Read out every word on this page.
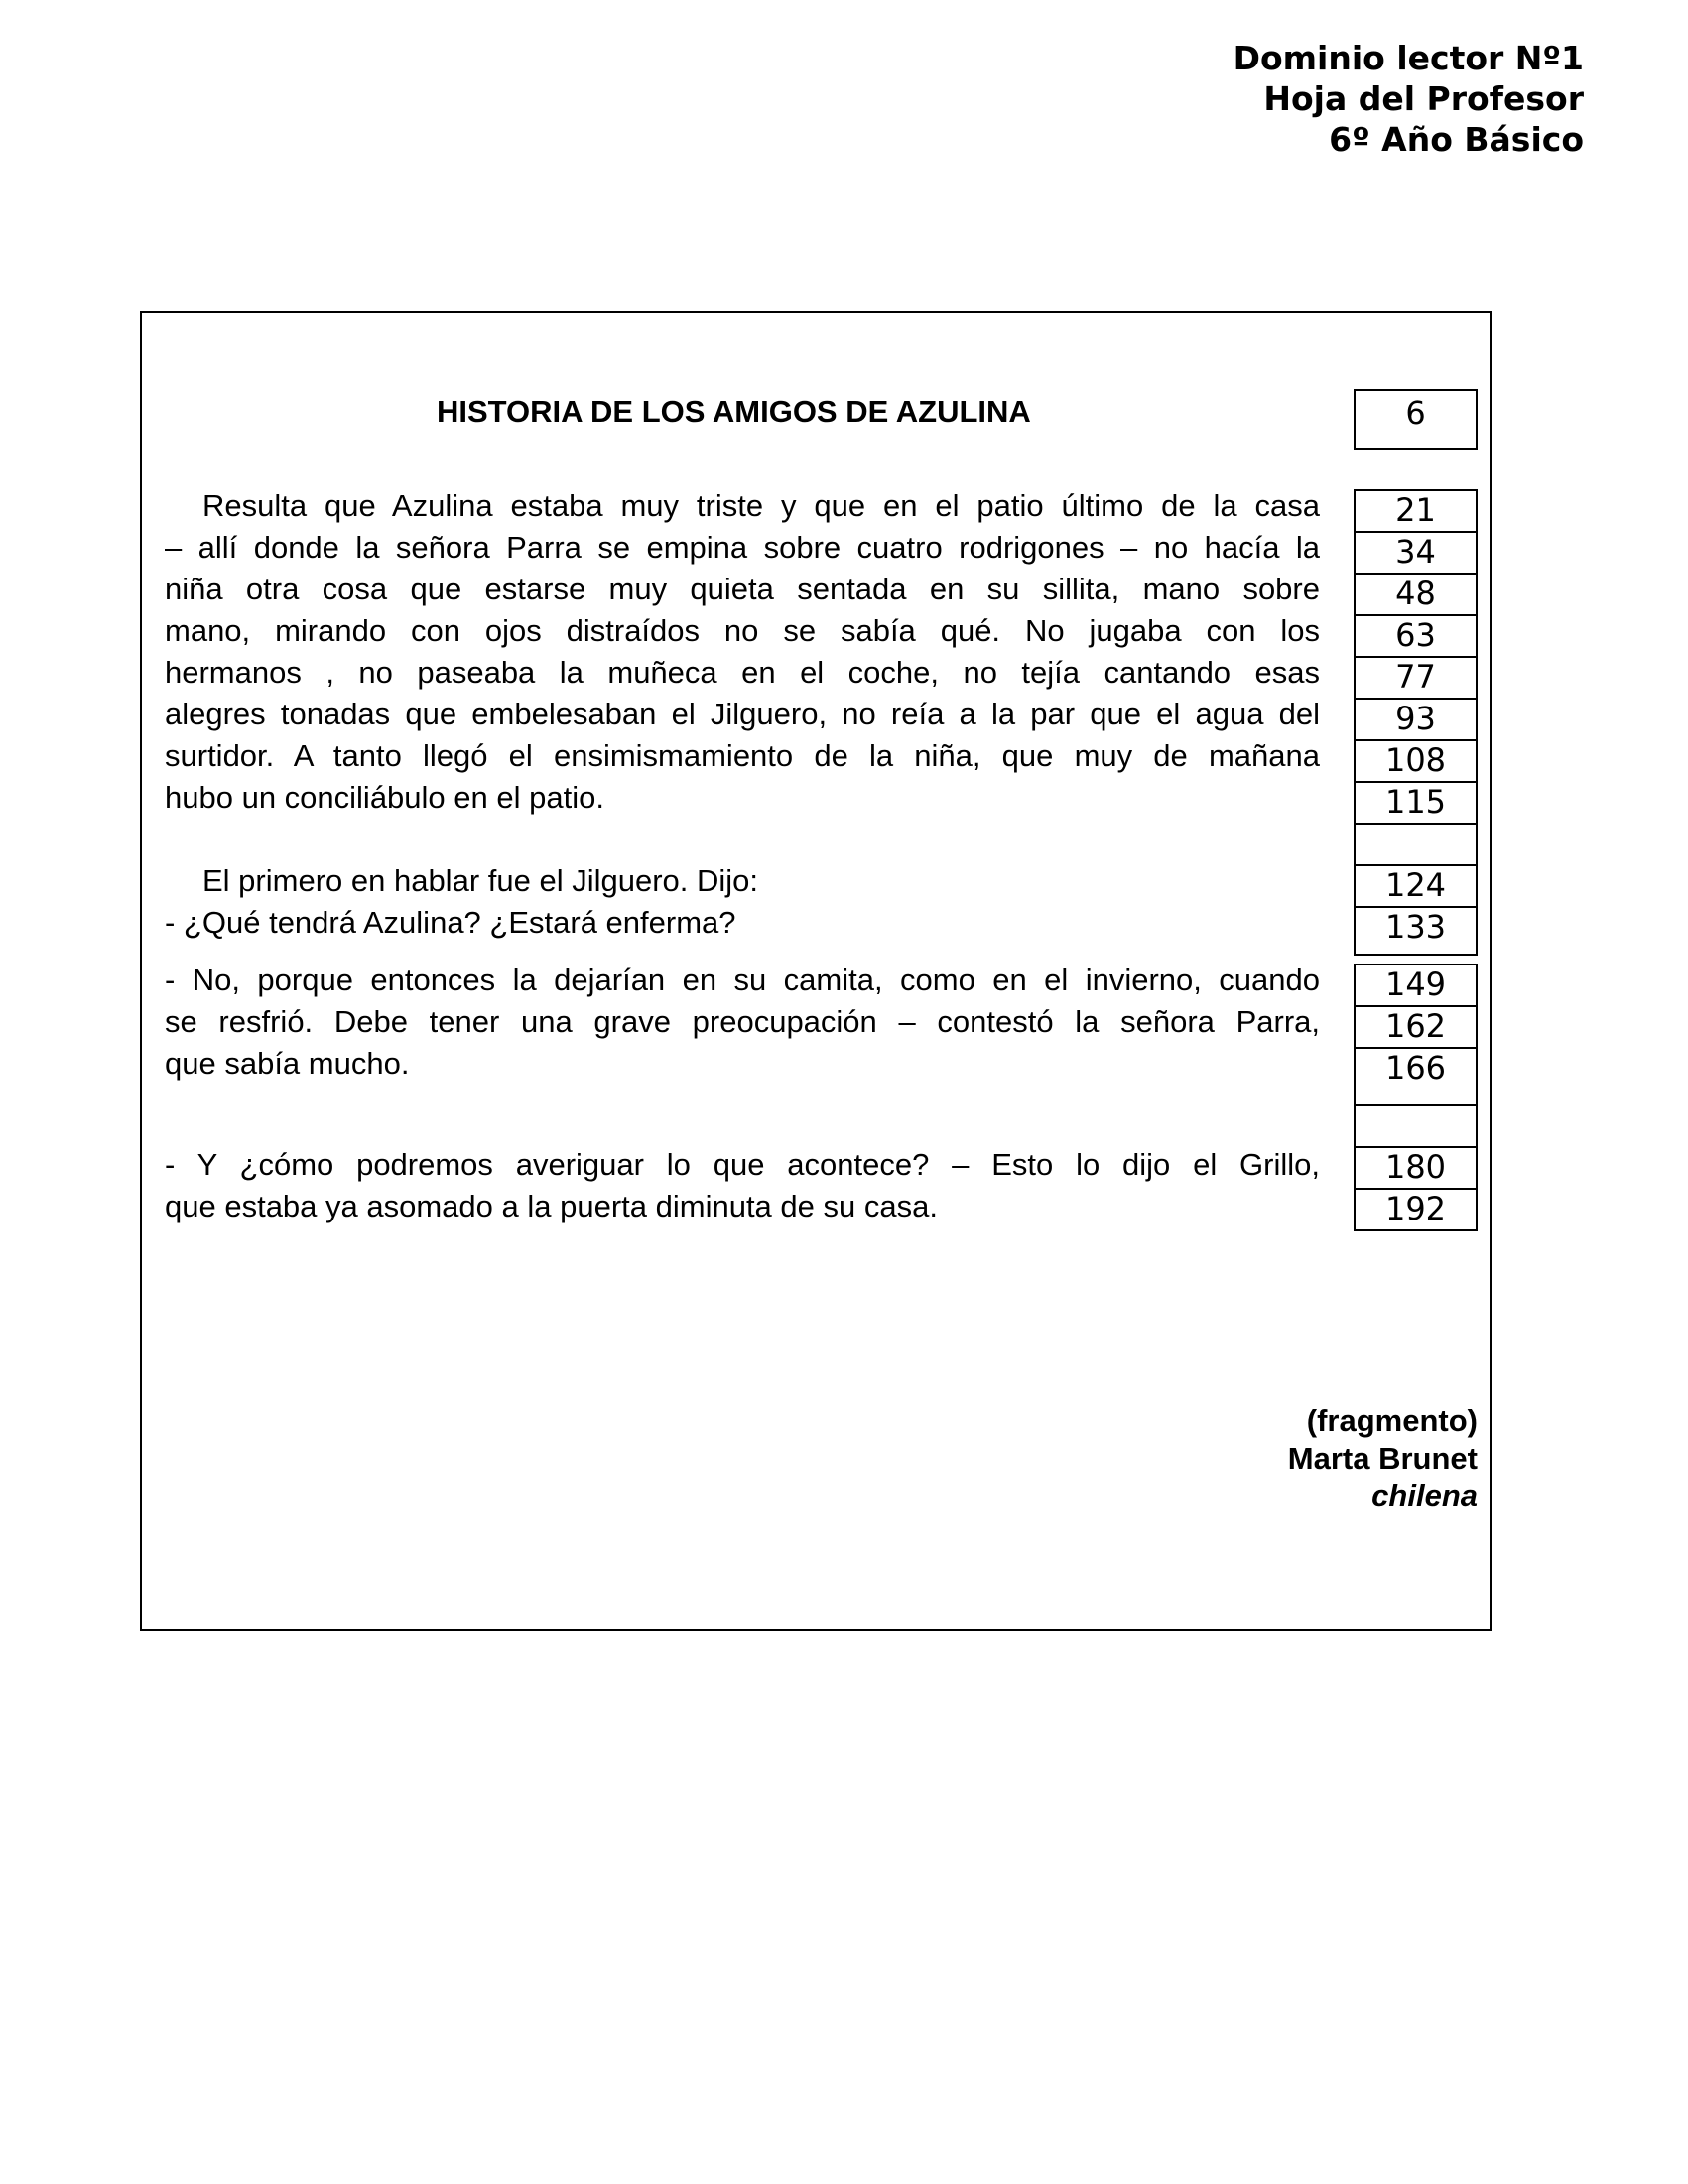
Dominio lector Nº1
Hoja del Profesor
6º Año Básico
HISTORIA DE LOS AMIGOS DE AZULINA	6
Resulta que Azulina estaba muy triste y que en el patio último de la casa
– allí donde la señora Parra se empina sobre cuatro rodrigones – no hacía la
niña otra cosa que estarse muy quieta sentada en su sillita, mano sobre
mano, mirando con ojos distraídos no se sabía qué. No jugaba con los
hermanos , no paseaba la muñeca en el coche, no tejía cantando esas
alegres tonadas que embelesaban el Jilguero, no reía a la par que el agua del
surtidor. A tanto llegó el ensimismamiento de la niña, que muy de mañana
hubo un conciliábulo en el patio.
El primero en hablar fue el Jilguero. Dijo:
- ¿Qué tendrá Azulina? ¿Estará enferma?
- No, porque entonces la dejarían en su camita, como en el invierno, cuando
se resfrió. Debe tener una grave preocupación – contestó la señora Parra,
que sabía mucho.
- Y ¿cómo podremos averiguar lo que acontece? – Esto lo dijo el Grillo,
que estaba ya asomado a la puerta diminuta de su casa.
21
34
48
63
77
93
108
115
124
133
149
162
166
180
192
(fragmento)
Marta Brunet
chilena
